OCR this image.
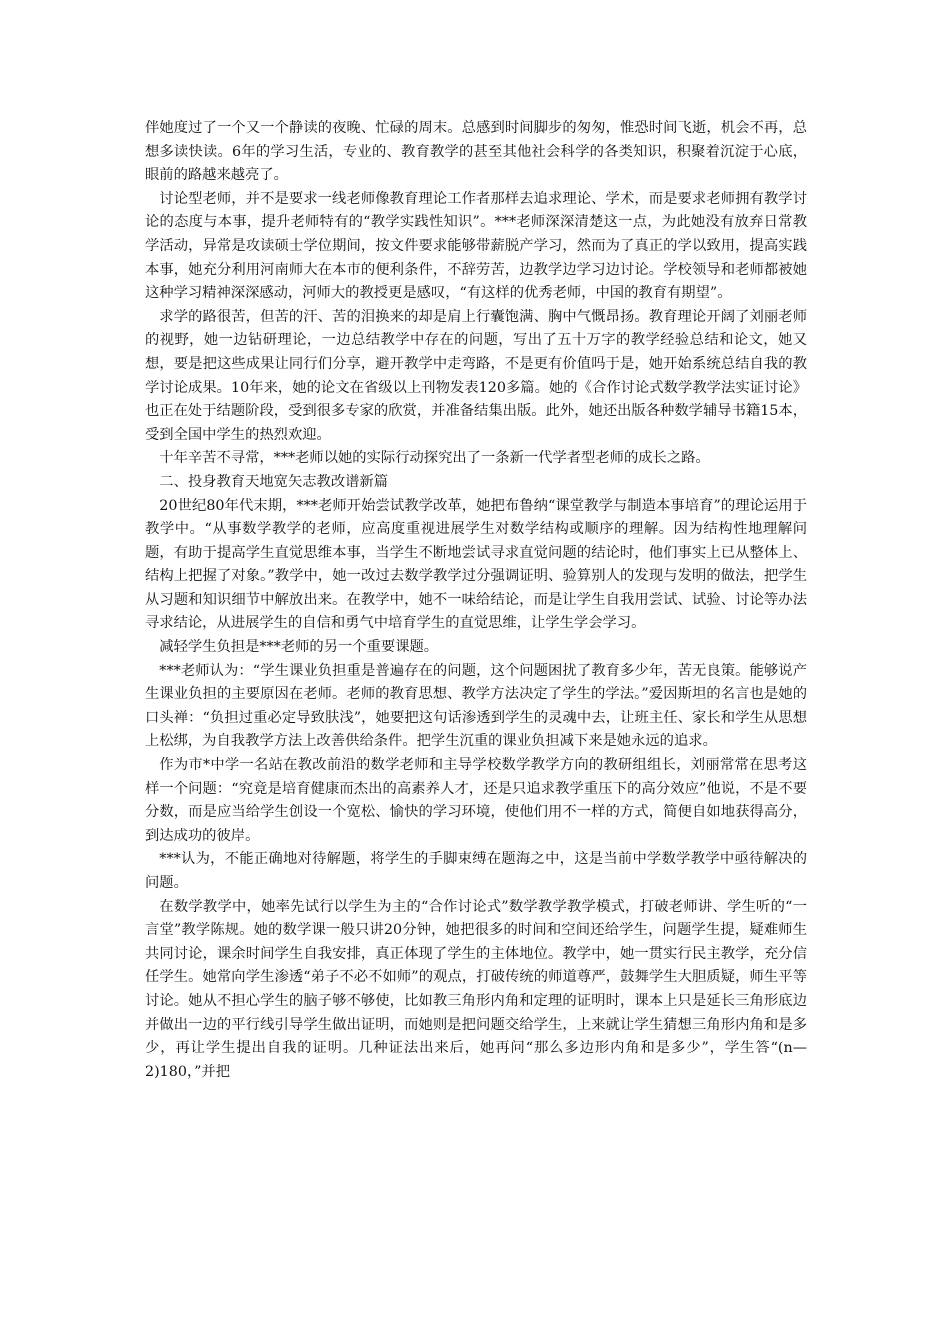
伴她度过了一个又一个静读的夜晚、忙碌的周末。总感到时间脚步的匆匆，惟恐时间飞逝，机会不再，总想多读快读。6年的学习生活，专业的、教育教学的甚至其他社会科学的各类知识，积聚着沉淀于心底，眼前的路越来越亮了。

讨论型老师，并不是要求一线老师像教育理论工作者那样去追求理论、学术，而是要求老师拥有教学讨论的态度与本事，提升老师特有的“教学实践性知识”。***老师深深清楚这一点，为此她没有放弃日常教学活动，异常是攻读硕士学位期间，按文件要求能够带薪脱产学习，然而为了真正的学以致用，提高实践本事，她充分利用河南师大在本市的便利条件，不辞劳苦，边教学边学习边讨论。学校领导和老师都被她这种学习精神深深感动，河师大的教授更是感叹，“有这样的优秀老师，中国的教育有期望”。

求学的路很苦，但苦的汗、苦的泪换来的却是肩上行囊饱满、胸中气慨昂扬。教育理论开阔了刘丽老师的视野，她一边钻研理论，一边总结教学中存在的问题，写出了五十万字的教学经验总结和论文，她又想，要是把这些成果让同行们分享，避开教学中走弯路，不是更有价值吗于是，她开始系统总结自我的教学讨论成果。10年来，她的论文在省级以上刊物发表120多篇。她的《合作讨论式数学教学法实证讨论》也正在处于结题阶段，受到很多专家的欣赏，并准备结集出版。此外，她还出版各种数学辅导书籍15本，受到全国中学生的热烈欢迎。

十年辛苦不寻常，***老师以她的实际行动探究出了一条新一代学者型老师的成长之路。

二、投身教育天地宽矢志教改谱新篇

20世纪80年代末期，***老师开始尝试教学改革，她把布鲁纳“课堂教学与制造本事培育”的理论运用于教学中。“从事数学教学的老师，应高度重视进展学生对数学结构或顺序的理解。因为结构性地理解问题，有助于提高学生直觉思维本事，当学生不断地尝试寻求直觉问题的结论时，他们事实上已从整体上、结构上把握了对象。”教学中，她一改过去数学教学过分强调证明、验算别人的发现与发明的做法，把学生从习题和知识细节中解放出来。在教学中，她不一味给结论，而是让学生自我用尝试、试验、讨论等办法寻求结论，从进展学生的自信和勇气中培育学生的直觉思维，让学生学会学习。

减轻学生负担是***老师的另一个重要课题。

***老师认为：“学生课业负担重是普遍存在的问题，这个问题困扰了教育多少年，苦无良策。能够说产生课业负担的主要原因在老师。老师的教育思想、教学方法决定了学生的学法。”爱因斯坦的名言也是她的口头禅：“负担过重必定导致肤浅”，她要把这句话渗透到学生的灵魂中去，让班主任、家长和学生从思想上松绑，为自我教学方法上改善供给条件。把学生沉重的课业负担减下来是她永远的追求。

作为市*中学一名站在教改前沿的数学老师和主导学校数学教学方向的教研组组长，刘丽常常在思考这样一个问题：“究竟是培育健康而杰出的高素养人才，还是只追求教学重压下的高分效应”他说，不是不要分数，而是应当给学生创设一个宽松、愉快的学习环境，使他们用不一样的方式，简便自如地获得高分，到达成功的彼岸。

***认为，不能正确地对待解题，将学生的手脚束缚在题海之中，这是当前中学数学教学中亟待解决的问题。

在数学教学中，她率先试行以学生为主的“合作讨论式”数学教学教学模式，打破老师讲、学生听的“一言堂”教学陈规。她的数学课一般只讲20分钟，她把很多的时间和空间还给学生，问题学生提，疑难师生共同讨论，课余时间学生自我安排，真正体现了学生的主体地位。教学中，她一贯实行民主教学，充分信任学生。她常向学生渗透“弟子不必不如师”的观点，打破传统的师道尊严，鼓舞学生大胆质疑，师生平等讨论。她从不担心学生的脑子够不够使，比如教三角形内角和定理的证明时，课本上只是延长三角形底边并做出一边的平行线引导学生做出证明，而她则是把问题交给学生，上来就让学生猜想三角形内角和是多少，再让学生提出自我的证明。几种证法出来后，她再问“那么多边形内角和是多少”，学生答“(n—2)180，”并把
